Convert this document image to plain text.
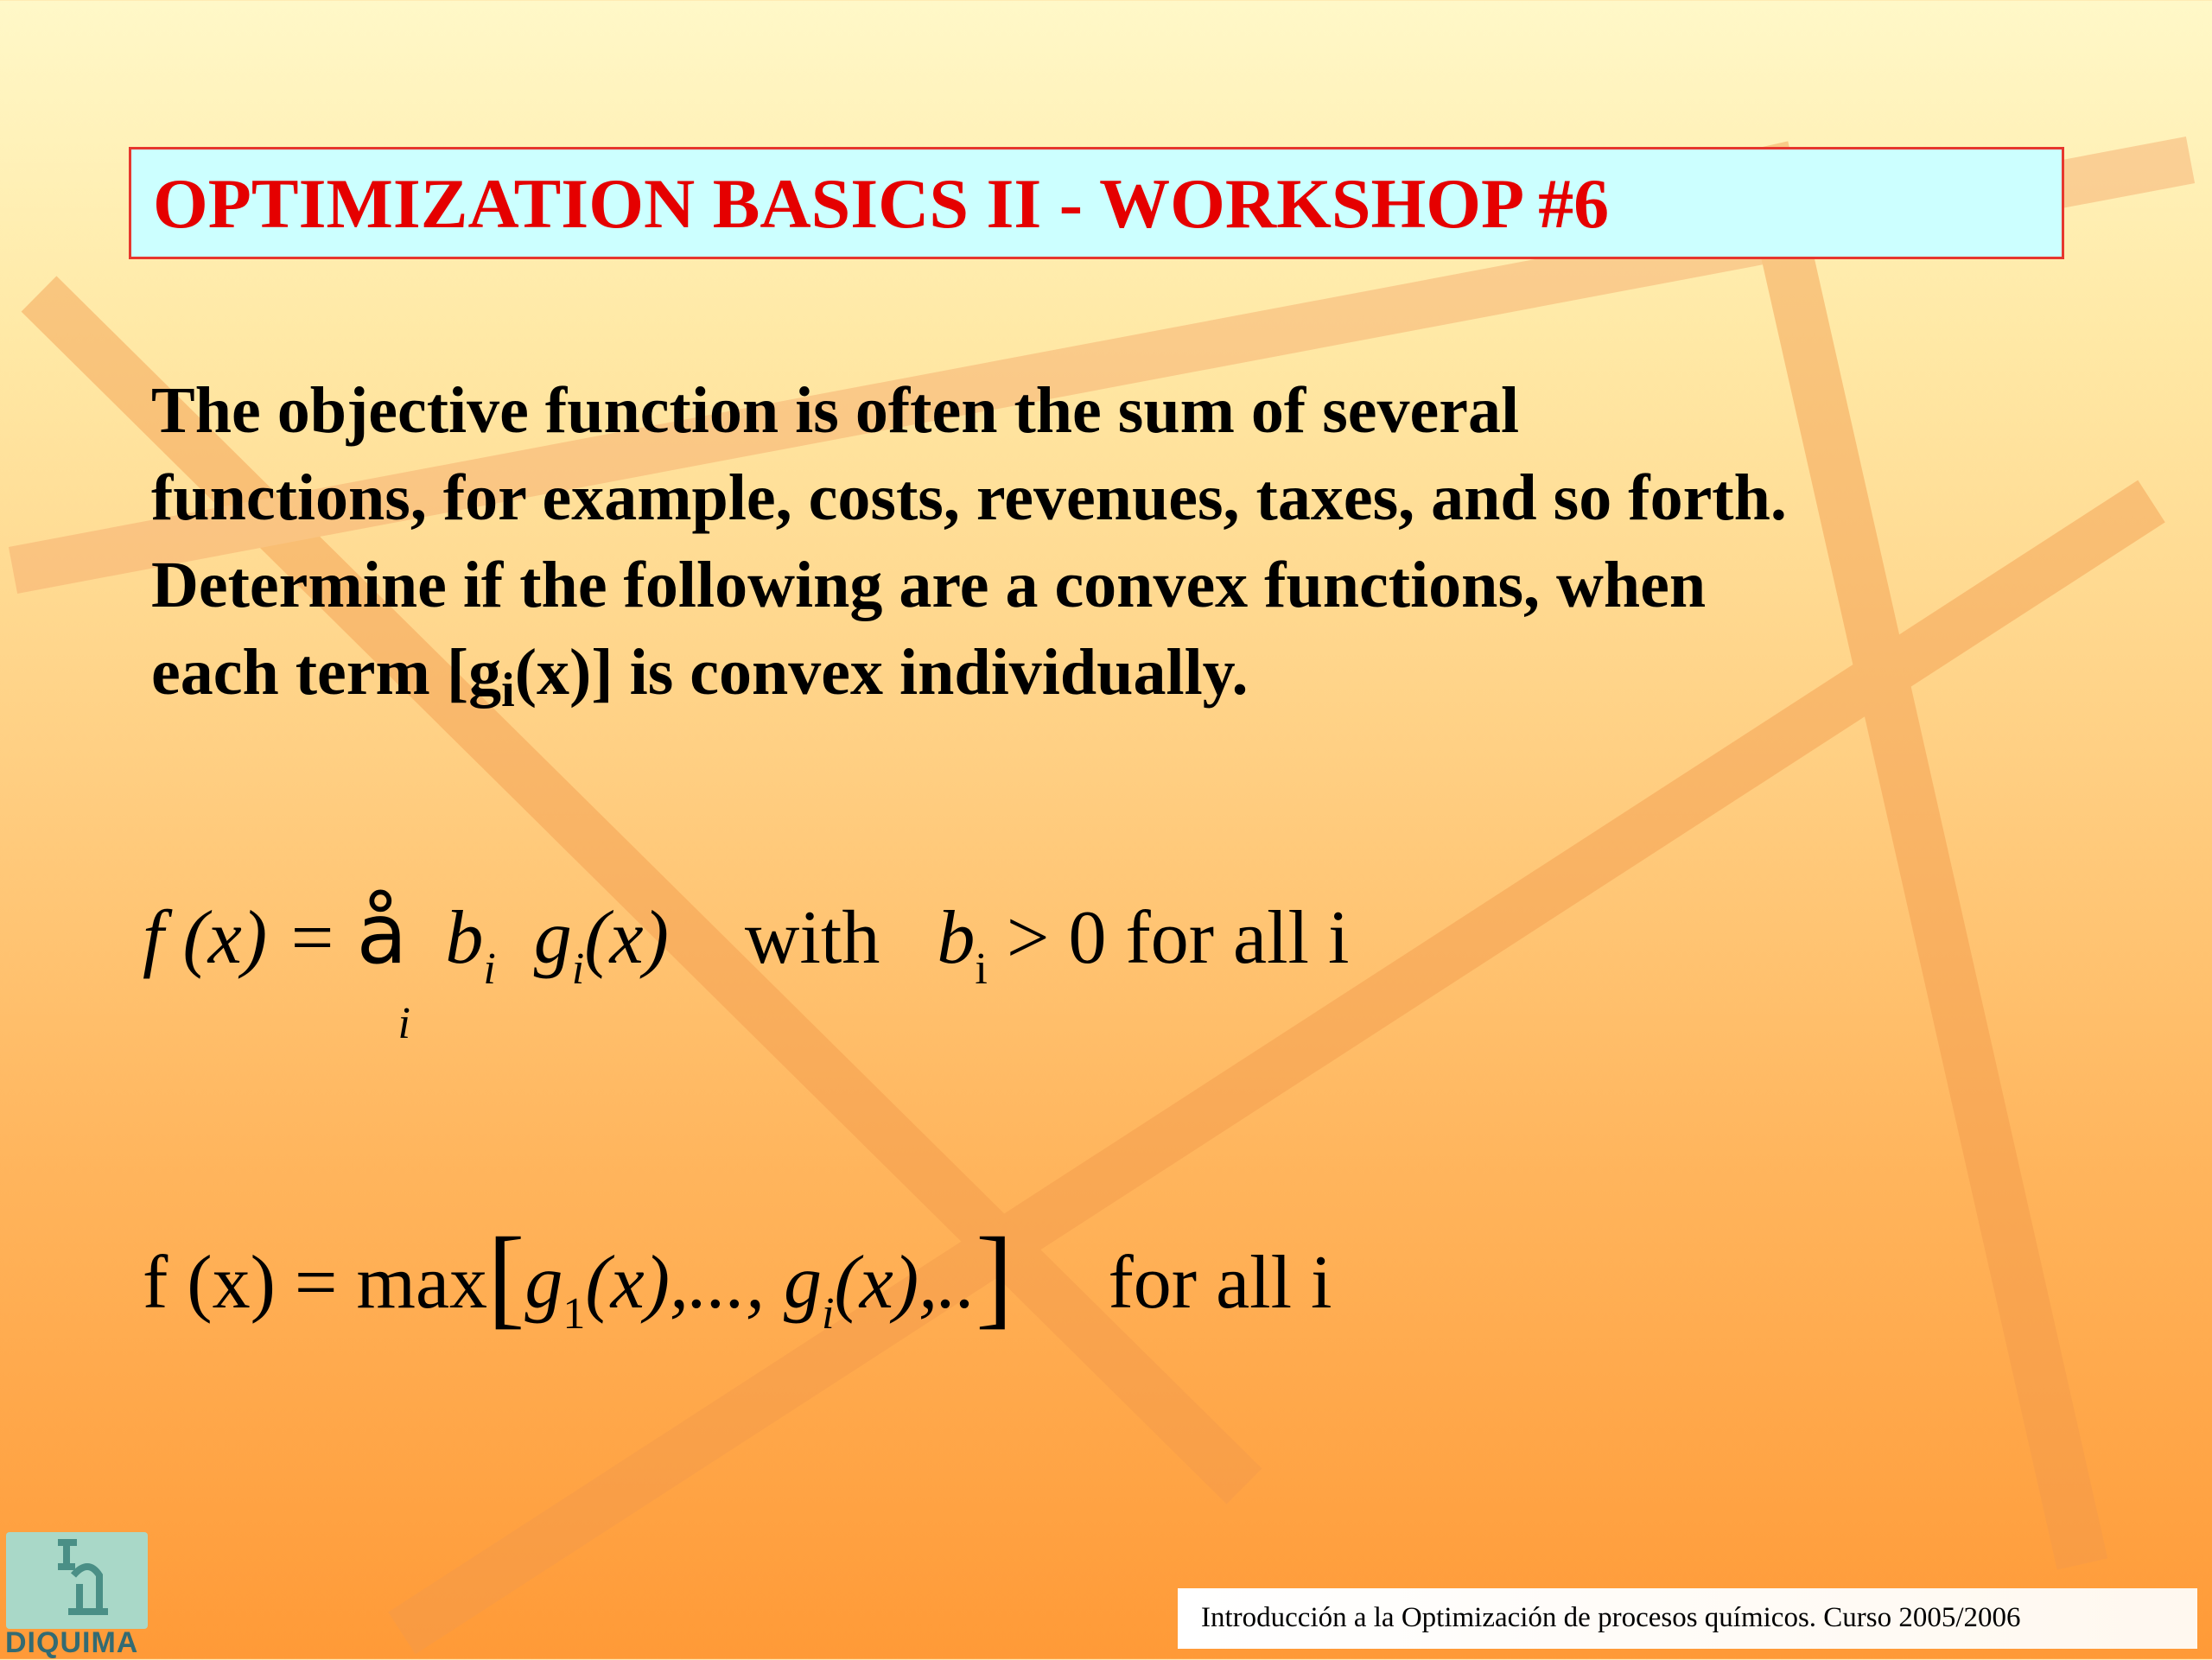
OPTIMIZATION BASICS II - WORKSHOP #6

The objective function is often the sum of several
functions, for example, costs, revenues, taxes, and so forth.
Determine if the following are a convex functions, when
each term $[g_i(x)]$ is convex individually.
f (x) = å
i
$b_i$ $g_i(x)$ with $b_i > 0$ for all i
f $(x) = \max[g_1(x)$,..., $g_i(x)$,..] for all i

DIQUIMA

Introducción a la Optimización de procesos químicos. Curso 2005/2006
